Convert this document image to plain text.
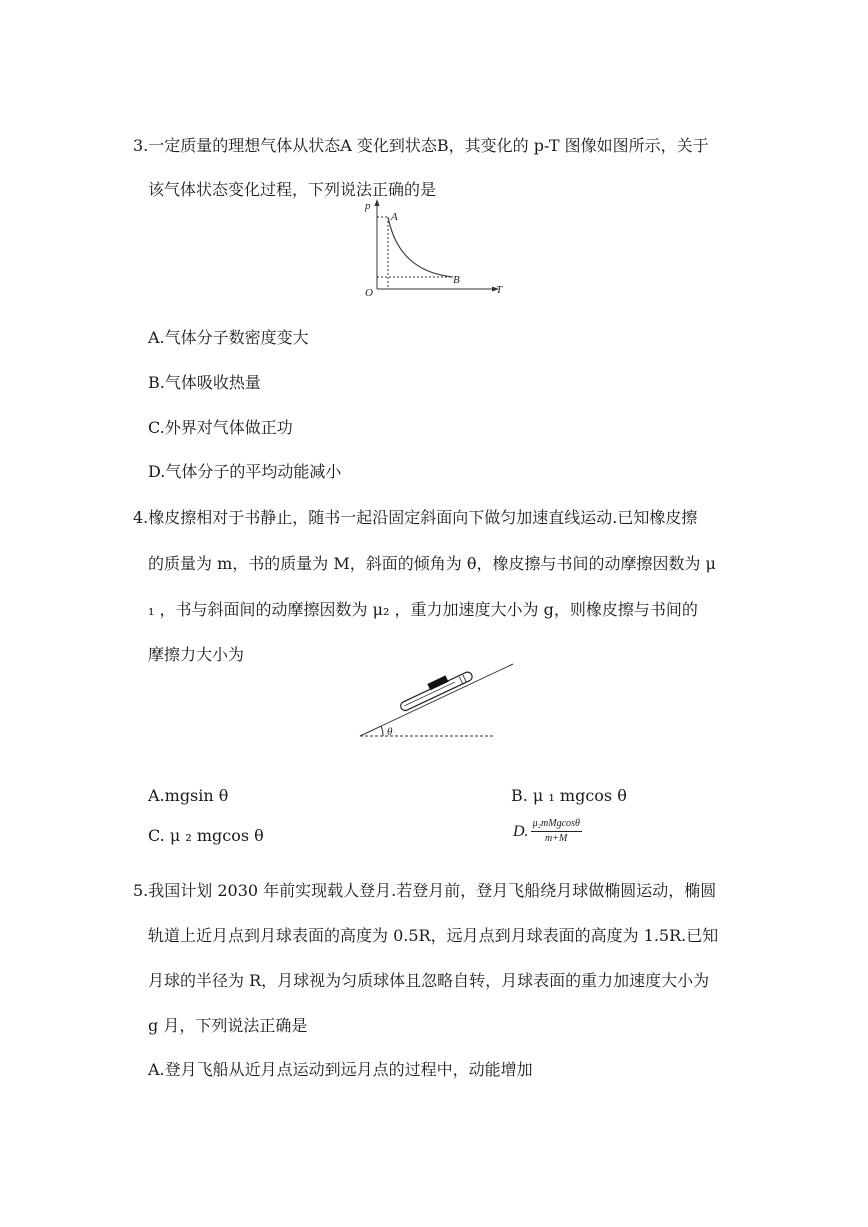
3.一定质量的理想气体从状态A 变化到状态B，其变化的 p-T 图像如图所示，关于
该气体状态变化过程，下列说法正确的是
p
A
B
T
O
A.气体分子数密度变大
B.气体吸收热量
C.外界对气体做正功
D.气体分子的平均动能减小
4.橡皮擦相对于书静止，随书一起沿固定斜面向下做匀加速直线运动.已知橡皮擦
的质量为 m，书的质量为 M，斜面的倾角为 θ，橡皮擦与书间的动摩擦因数为 μ
₁ ，书与斜面间的动摩擦因数为 μ₂ ，重力加速度大小为 g，则橡皮擦与书间的
摩擦力大小为
θ
A.mgsin θ	B. μ ₁ mgcos θ
C. μ ₂ mgcos θ	D. $\frac{\text{μ₂mMgcosθ}}{m+M}$
5.我国计划 2030 年前实现载人登月.若登月前，登月飞船绕月球做椭圆运动，椭圆
轨道上近月点到月球表面的高度为 0.5R，远月点到月球表面的高度为 1.5R.已知
月球的半径为 R，月球视为匀质球体且忽略自转，月球表面的重力加速度大小为
g 月，下列说法正确是
A.登月飞船从近月点运动到远月点的过程中，动能增加
